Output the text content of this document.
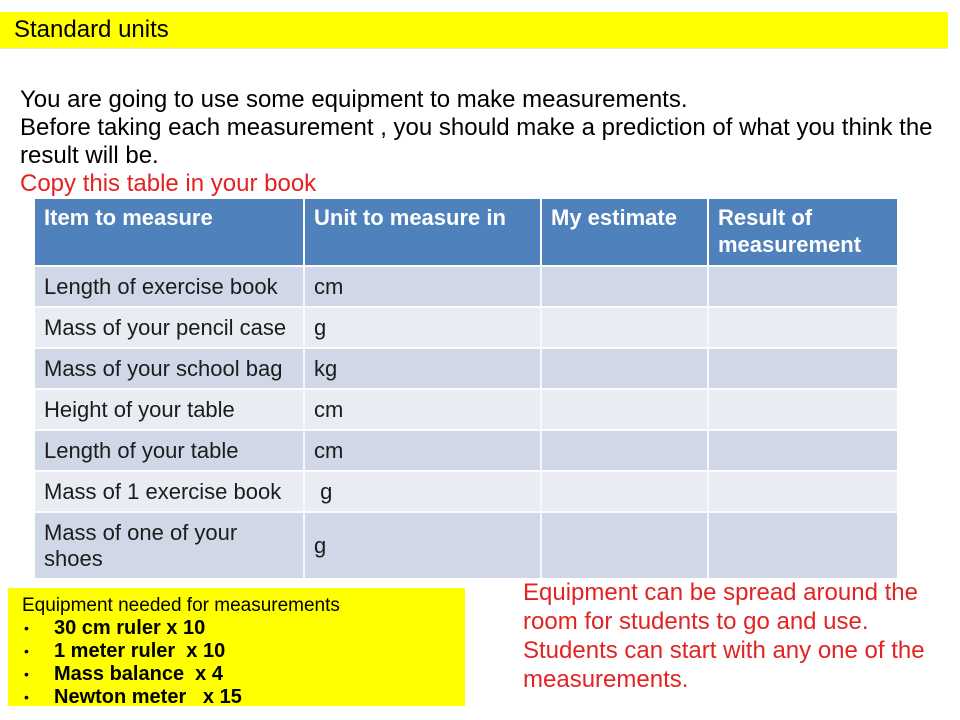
Standard units
You are going to use some equipment to make measurements.
Before taking each measurement , you should make a prediction of what you think the
result will be.
Copy this table in your book
Item to measure	Unit to measure in	My estimate	Result of measurement
Length of exercise book	cm		
Mass of your pencil case	g		
Mass of your school bag	kg		
Height of your table	cm		
Length of your table	cm		
Mass of 1 exercise book	g		
Mass of one of your shoes	g		
Equipment needed for measurements
•	30 cm ruler x 10
•	1 meter ruler  x 10
•	Mass balance  x 4
•	Newton meter   x 15
Equipment can be spread around the
room for students to go and use.
Students can start with any one of the
measurements.
